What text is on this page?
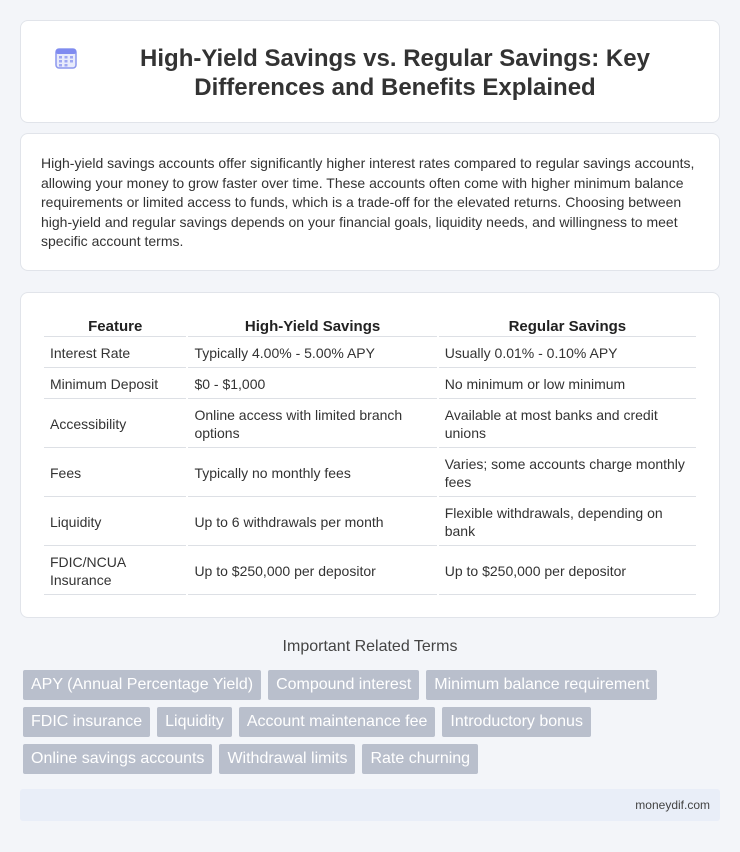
High-Yield Savings vs. Regular Savings: Key Differences and Benefits Explained

High-yield savings accounts offer significantly higher interest rates compared to regular savings accounts, allowing your money to grow faster over time. These accounts often come with higher minimum balance requirements or limited access to funds, which is a trade-off for the elevated returns. Choosing between high-yield and regular savings depends on your financial goals, liquidity needs, and willingness to meet specific account terms.

Feature	High-Yield Savings	Regular Savings
Interest Rate	Typically 4.00% - 5.00% APY	Usually 0.01% - 0.10% APY
Minimum Deposit	$0 - $1,000	No minimum or low minimum
Accessibility	Online access with limited branch options	Available at most banks and credit unions
Fees	Typically no monthly fees	Varies; some accounts charge monthly fees
Liquidity	Up to 6 withdrawals per month	Flexible withdrawals, depending on bank
FDIC/NCUA Insurance	Up to $250,000 per depositor	Up to $250,000 per depositor
Important Related Terms
APY (Annual Percentage Yield)	Compound interest	Minimum balance requirement
FDIC insurance	Liquidity	Account maintenance fee	Introductory bonus
Online savings accounts	Withdrawal limits	Rate churning
moneydif.com
